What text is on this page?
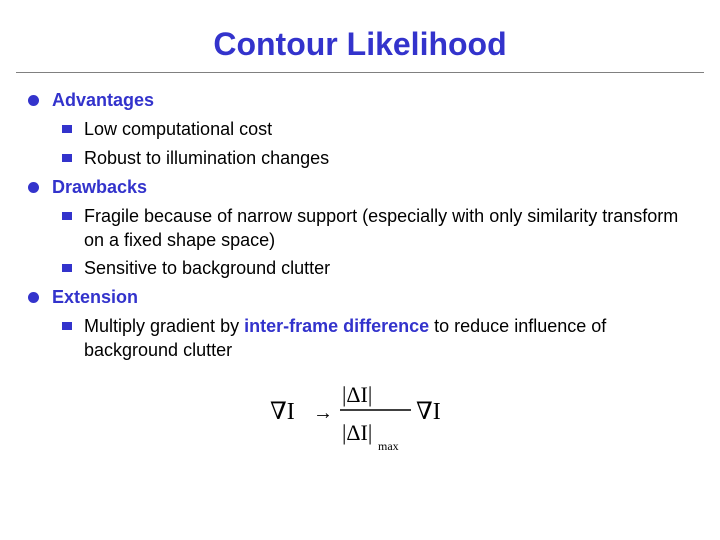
Contour Likelihood
Advantages
Low computational cost
Robust to illumination changes
Drawbacks
Fragile because of narrow support (especially with only similarity transform on a fixed shape space)
Sensitive to background clutter
Extension
Multiply gradient by inter-frame difference to reduce influence of background clutter
∇I →
|ΔI|
|ΔI|
max
∇I
